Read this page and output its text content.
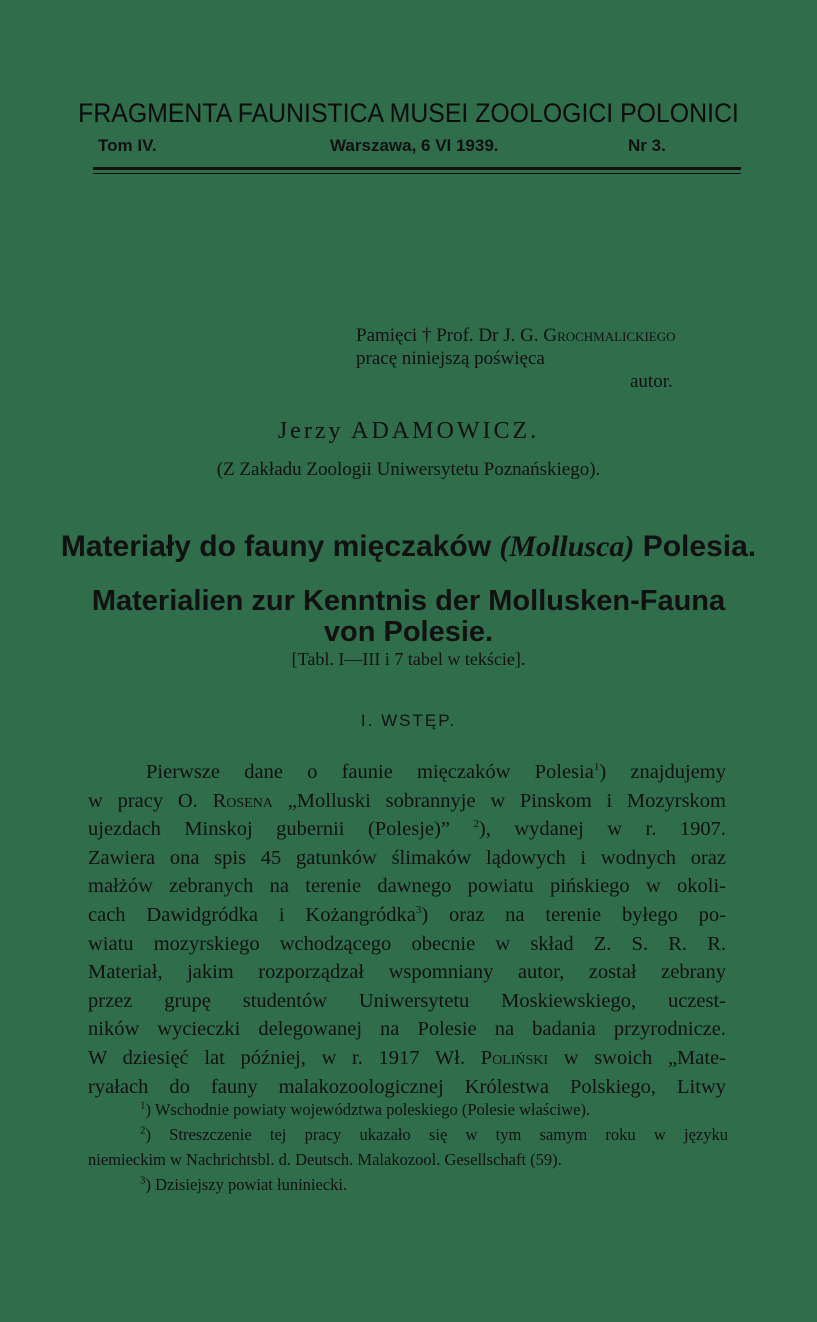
FRAGMENTA FAUNISTICA MUSEI ZOOLOGICI POLONICI
Tom IV.	Warszawa, 6 VI 1939.	Nr 3.
Pamięci † Prof. Dr J. G. Grochmalickiego
pracę niniejszą poświęca
autor.
Jerzy ADAMOWICZ.
(Z Zakładu Zoologii Uniwersytetu Poznańskiego).
Materiały do fauny mięczaków (Mollusca) Polesia.
Materialien zur Kenntnis der Mollusken-Fauna
von Polesie.
[Tabl. I—III i 7 tabel w tekście].
I. WSTĘP.
Pierwsze dane o faunie mięczaków Polesia$^1$) znajdujemy
w pracy O. Rosena „Molluski sobrannyje w Pinskom i Mozyrskom
ujezdach Minskoj gubernii (Polesje)” $^2$), wydanej w r. 1907.
Zawiera ona spis 45 gatunków ślimaków lądowych i wodnych oraz
małżów zebranych na terenie dawnego powiatu pińskiego w okoli-
cach Dawidgródka i Kożangródka$^3$) oraz na terenie byłego po-
wiatu mozyrskiego wchodzącego obecnie w skład Z. S. R. R.
Materiał, jakim rozporządzał wspomniany autor, został zebrany
przez grupę studentów Uniwersytetu Moskiewskiego, uczest-
ników wycieczki delegowanej na Polesie na badania przyrodnicze.
W dziesięć lat później, w r. 1917 Wł. Poliński w swoich „Mate-
ryałach do fauny malakozoologicznej Królestwa Polskiego, Litwy
$^1$) Wschodnie powiaty województwa poleskiego (Polesie właściwe).
$^2$) Streszczenie tej pracy ukazało się w tym samym roku w języku
niemieckim w Nachrichtsbl. d. Deutsch. Malakozool. Gesellschaft (59).
$^3$) Dzisiejszy powiat łuniniecki.
